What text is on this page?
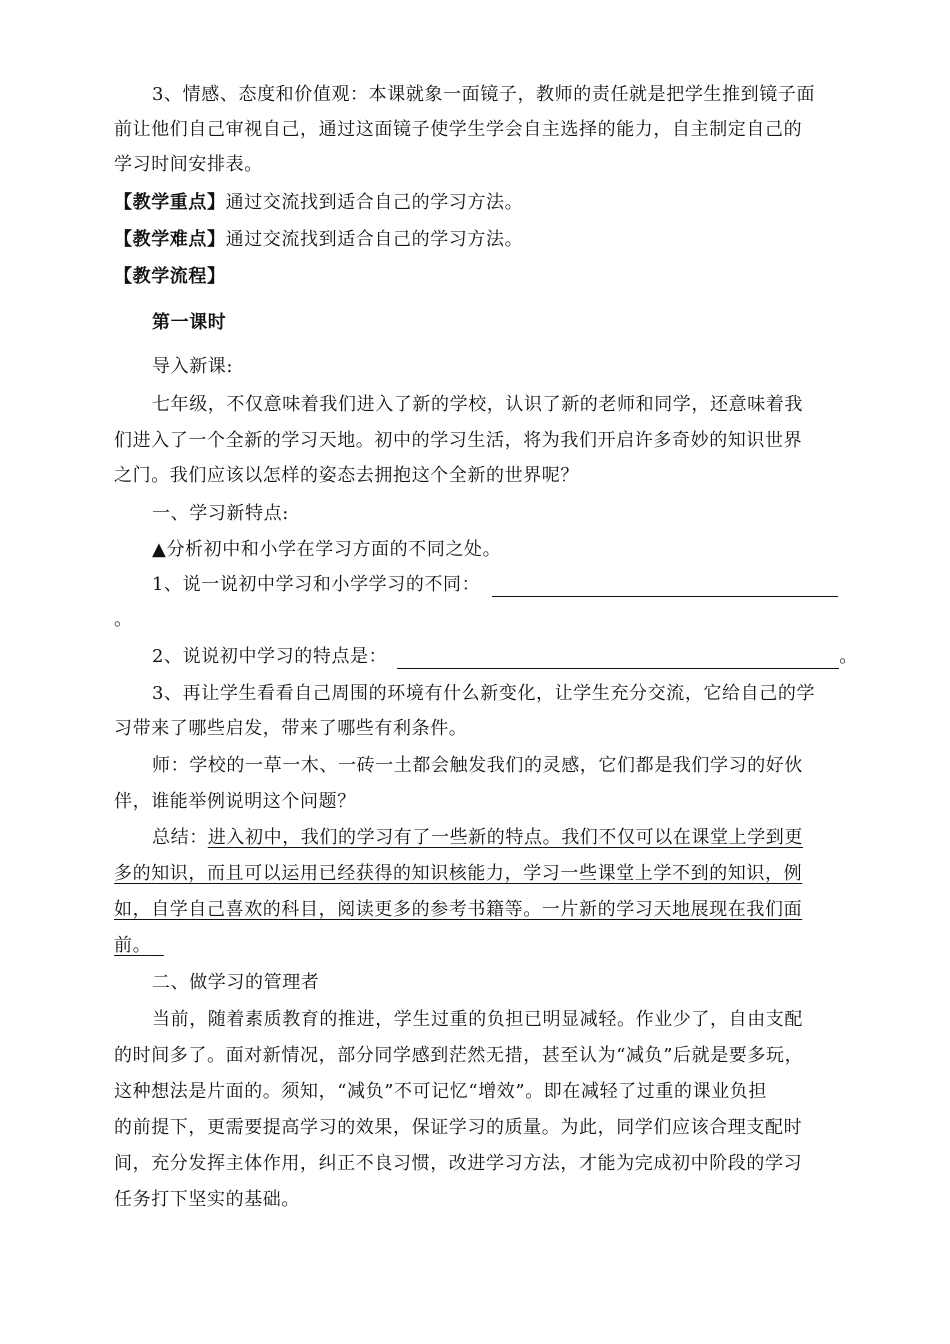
3、情感、态度和价值观：本课就象一面镜子，教师的责任就是把学生推到镜子面
前让他们自己审视自己，通过这面镜子使学生学会自主选择的能力，自主制定自己的
学习时间安排表。
【教学重点】通过交流找到适合自己的学习方法。
【教学难点】通过交流找到适合自己的学习方法。
【教学流程】
第一课时
导入新课:
七年级，不仅意味着我们进入了新的学校，认识了新的老师和同学，还意味着我
们进入了一个全新的学习天地。初中的学习生活，将为我们开启许多奇妙的知识世界
之门。我们应该以怎样的姿态去拥抱这个全新的世界呢？
一、学习新特点:
▲分析初中和小学在学习方面的不同之处。
1、说一说初中学习和小学学习的不同：
。
2、说说初中学习的特点是：	。
3、再让学生看看自己周围的环境有什么新变化，让学生充分交流，它给自己的学
习带来了哪些启发，带来了哪些有利条件。
师：学校的一草一木、一砖一土都会触发我们的灵感，它们都是我们学习的好伙
伴，谁能举例说明这个问题？
总结：进入初中，我们的学习有了一些新的特点。我们不仅可以在课堂上学到更
多的知识，而且可以运用已经获得的知识核能力，学习一些课堂上学不到的知识，例
如，自学自己喜欢的科目，阅读更多的参考书籍等。一片新的学习天地展现在我们面
前。
二、做学习的管理者
当前，随着素质教育的推进，学生过重的负担已明显减轻。作业少了，自由支配
的时间多了。面对新情况，部分同学感到茫然无措，甚至认为“减负”后就是要多玩，
这种想法是片面的。须知，“减负”不可记忆“增效”。即在减轻了过重的课业负担
的前提下，更需要提高学习的效果，保证学习的质量。为此，同学们应该合理支配时
间，充分发挥主体作用，纠正不良习惯，改进学习方法，才能为完成初中阶段的学习
任务打下坚实的基础。
